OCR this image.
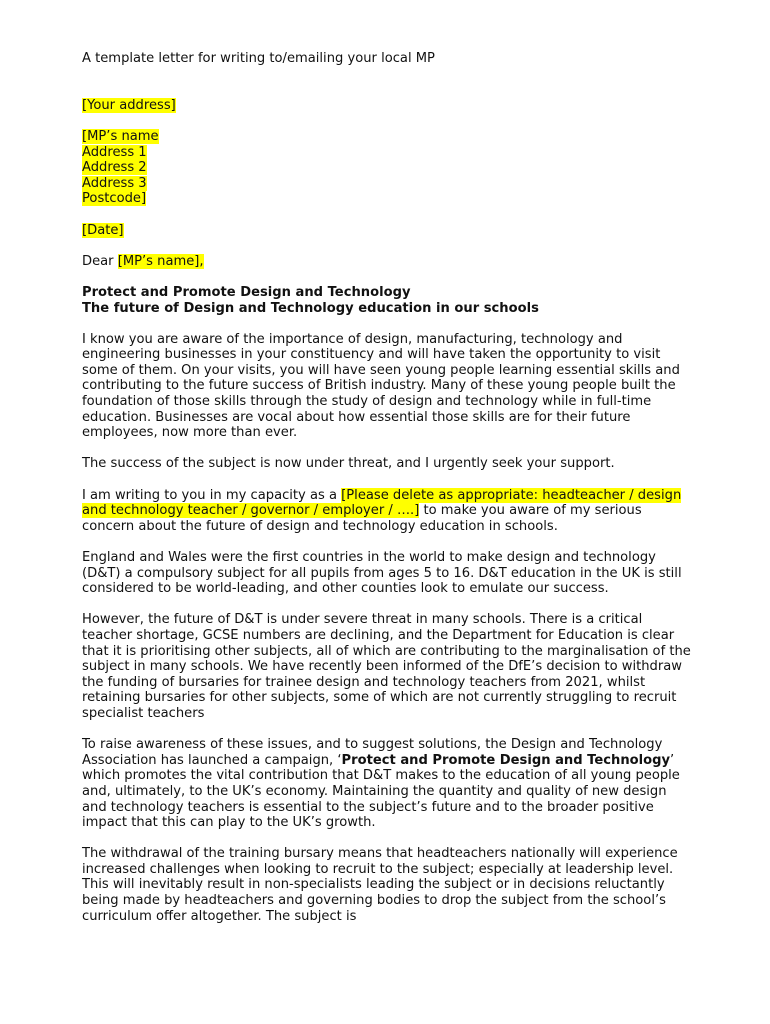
A template letter for writing to/emailing your local MP

[Your address]

[MP’s name
Address 1
Address 2
Address 3
Postcode]

[Date]

Dear [MP’s name],

Protect and Promote Design and Technology

The future of Design and Technology education in our schools

I know you are aware of the importance of design, manufacturing, technology and engineering businesses in your constituency and will have taken the opportunity to visit some of them. On your visits, you will have seen young people learning essential skills and contributing to the future success of British industry. Many of these young people built the foundation of those skills through the study of design and technology while in full-time education. Businesses are vocal about how essential those skills are for their future employees, now more than ever.

The success of the subject is now under threat, and I urgently seek your support.

I am writing to you in my capacity as a [Please delete as appropriate: headteacher / design and technology teacher / governor / employer / ….] to make you aware of my serious concern about the future of design and technology education in schools.

England and Wales were the first countries in the world to make design and technology (D&T) a compulsory subject for all pupils from ages 5 to 16. D&T education in the UK is still considered to be world-leading, and other counties look to emulate our success.

However, the future of D&T is under severe threat in many schools. There is a critical teacher shortage, GCSE numbers are declining, and the Department for Education is clear that it is prioritising other subjects, all of which are contributing to the marginalisation of the subject in many schools. We have recently been informed of the DfE’s decision to withdraw the funding of bursaries for trainee design and technology teachers from 2021, whilst retaining bursaries for other subjects, some of which are not currently struggling to recruit specialist teachers

To raise awareness of these issues, and to suggest solutions, the Design and Technology Association has launched a campaign, ‘Protect and Promote Design and Technology’ which promotes the vital contribution that D&T makes to the education of all young people and, ultimately, to the UK’s economy. Maintaining the quantity and quality of new design and technology teachers is essential to the subject’s future and to the broader positive impact that this can play to the UK’s growth.

The withdrawal of the training bursary means that headteachers nationally will experience increased challenges when looking to recruit to the subject; especially at leadership level. This will inevitably result in non-specialists leading the subject or in decisions reluctantly being made by headteachers and governing bodies to drop the subject from the school’s curriculum offer altogether. The subject is
